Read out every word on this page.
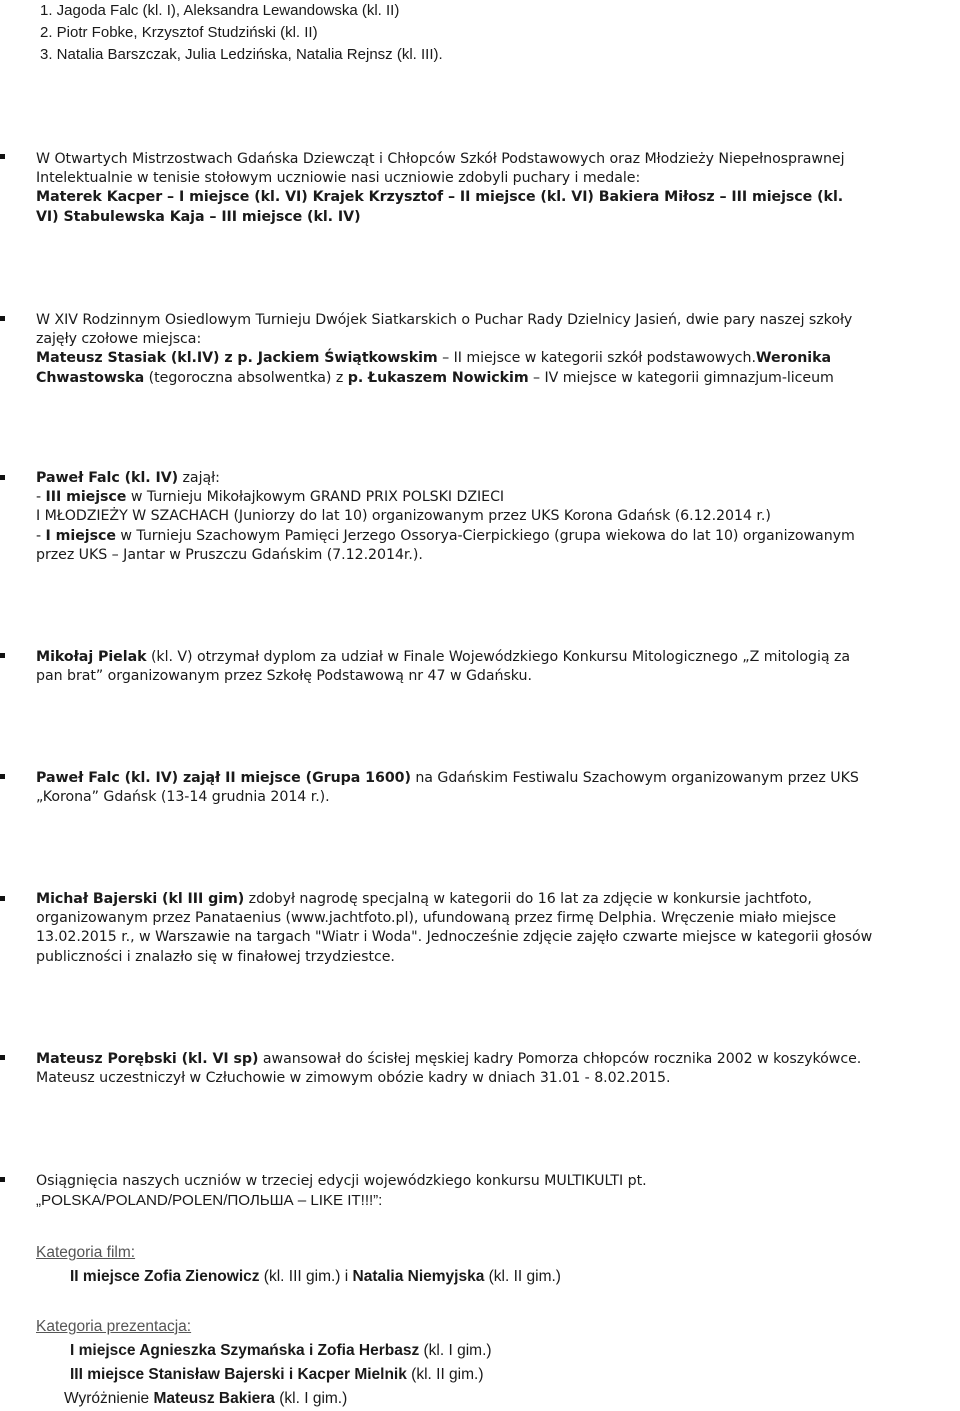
1. Jagoda Falc (kl. I), Aleksandra Lewandowska (kl. II)
2. Piotr Fobke, Krzysztof Studziński (kl. II)
3. Natalia Barszczak, Julia Ledzińska, Natalia Rejnsz (kl. III).

W Otwartych Mistrzostwach Gdańska Dziewcząt i Chłopców Szkół Podstawowych oraz Młodzieży Niepełnosprawnej

Intelektualnie w tenisie stołowym uczniowie nasi uczniowie zdobyli puchary i medale:

Materek Kacper – I miejsce (kl. VI) Krajek Krzysztof – II miejsce (kl. VI) Bakiera Miłosz – III miejsce (kl.

VI) Stabulewska Kaja – III miejsce (kl. IV)

W XIV Rodzinnym Osiedlowym Turnieju Dwójek Siatkarskich o Puchar Rady Dzielnicy Jasień, dwie pary naszej szkoły

zajęły czołowe miejsca:

Mateusz Stasiak (kl.IV) z p. Jackiem Świątkowskim – II miejsce w kategorii szkół podstawowych.Weronika

Chwastowska (tegoroczna absolwentka) z p. Łukaszem Nowickim – IV miejsce w kategorii gimnazjum-liceum

Paweł Falc (kl. IV) zajął:

- III miejsce w Turnieju Mikołajkowym GRAND PRIX POLSKI DZIECI

I MŁODZIEŻY W SZACHACH (Juniorzy do lat 10) organizowanym przez UKS Korona Gdańsk (6.12.2014 r.)

- I miejsce w Turnieju Szachowym Pamięci Jerzego Ossorya-Cierpickiego (grupa wiekowa do lat 10) organizowanym

przez UKS – Jantar w Pruszczu Gdańskim (7.12.2014r.).

Mikołaj Pielak (kl. V) otrzymał dyplom za udział w Finale Wojewódzkiego Konkursu Mitologicznego „Z mitologią za

pan brat” organizowanym przez Szkołę Podstawową nr 47 w Gdańsku.

Paweł Falc (kl. IV) zajął II miejsce (Grupa 1600) na Gdańskim Festiwalu Szachowym organizowanym przez UKS

„Korona” Gdańsk (13-14 grudnia 2014 r.).

Michał Bajerski (kl III gim) zdobył nagrodę specjalną w kategorii do 16 lat za zdjęcie w konkursie jachtfoto,

organizowanym przez Panataenius (www.jachtfoto.pl), ufundowaną przez firmę Delphia. Wręczenie miało miejsce

13.02.2015 r., w Warszawie na targach "Wiatr i Woda". Jednocześnie zdjęcie zajęło czwarte miejsce w kategorii głosów

publiczności i znalazło się w finałowej trzydziestce.

Mateusz Porębski (kl. VI sp) awansował do ścisłej męskiej kadry Pomorza chłopców rocznika 2002 w koszykówce.

Mateusz uczestniczył w Człuchowie w zimowym obózie kadry w dniach 31.01 - 8.02.2015.

Osiągnięcia naszych uczniów w trzeciej edycji wojewódzkiego konkursu MULTIKULTI pt.

„POLSKA/POLAND/POLEN/ПОЛЬША – LIKE IT!!!”:

Kategoria film:
II miejsce Zofia Zienowicz (kl. III gim.) i Natalia Niemyjska (kl. II gim.)
Kategoria prezentacja:
I miejsce Agnieszka Szymańska i Zofia Herbasz (kl. I gim.)
III miejsce Stanisław Bajerski i Kacper Mielnik (kl. II gim.)
Wyróżnienie Mateusz Bakiera (kl. I gim.)
